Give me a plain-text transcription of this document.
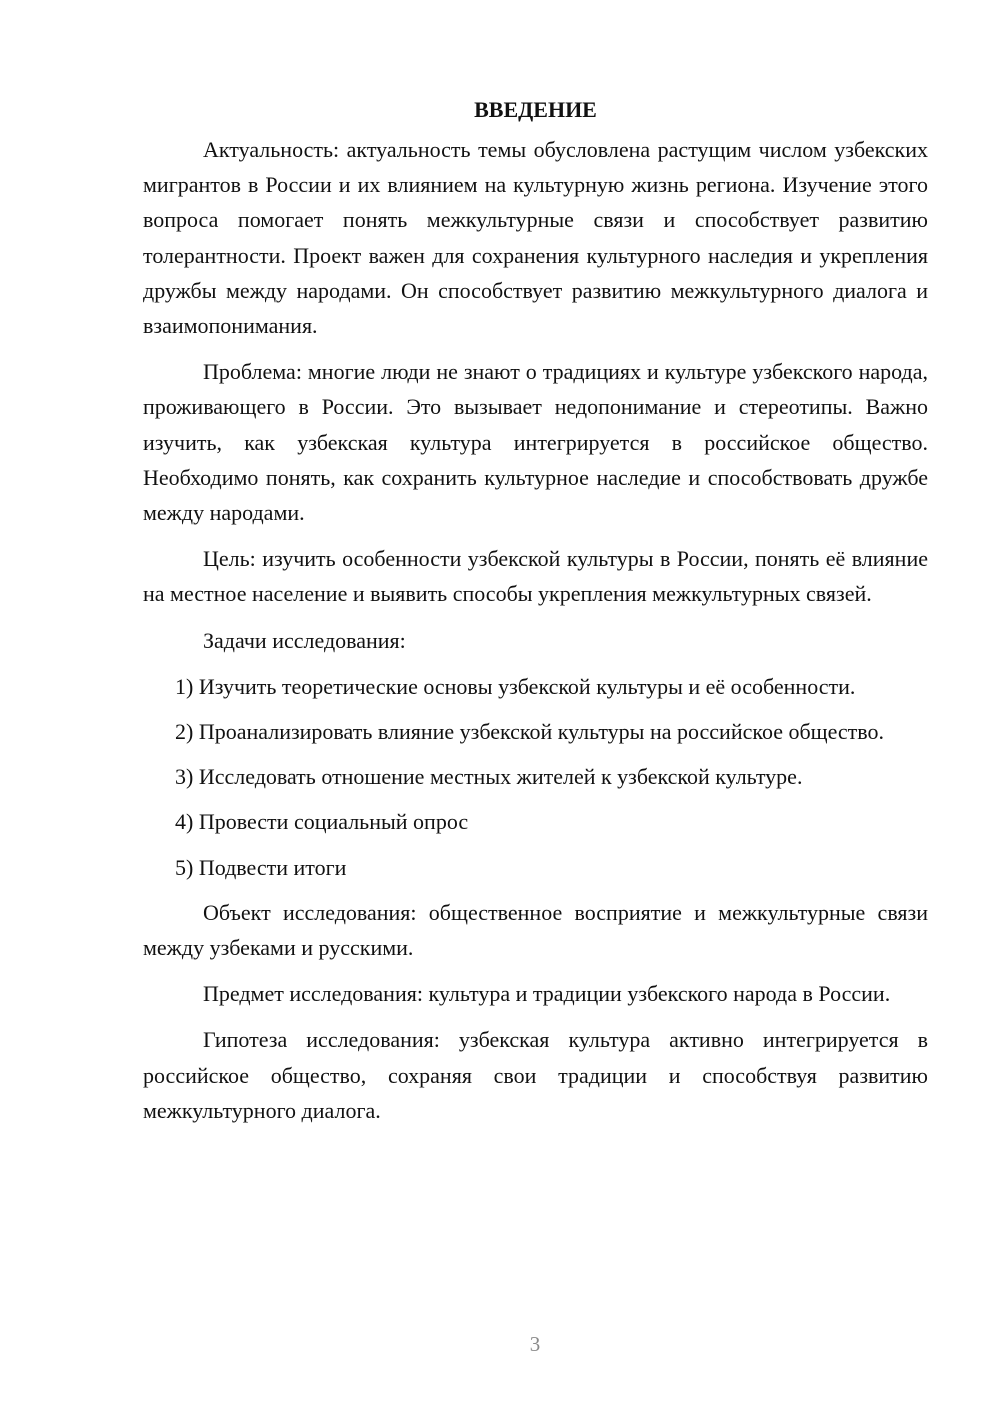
ВВЕДЕНИЕ

Актуальность: актуальность темы обусловлена растущим числом узбекских мигрантов в России и их влиянием на культурную жизнь региона. Изучение этого вопроса помогает понять межкультурные связи и способствует развитию толерантности. Проект важен для сохранения культурного наследия и укрепления дружбы между народами. Он способствует развитию межкультурного диалога и взаимопонимания.

Проблема: многие люди не знают о традициях и культуре узбекского народа, проживающего в России. Это вызывает недопонимание и стереотипы. Важно изучить, как узбекская культура интегрируется в российское общество. Необходимо понять, как сохранить культурное наследие и способствовать дружбе между народами.

Цель: изучить особенности узбекской культуры в России, понять её влияние на местное население и выявить способы укрепления межкультурных связей.

Задачи исследования:

1) Изучить теоретические основы узбекской культуры и её особенности.

2) Проанализировать влияние узбекской культуры на российское общество.

3) Исследовать отношение местных жителей к узбекской культуре.

4) Провести социальный опрос

5) Подвести итоги

Объект исследования: общественное восприятие и межкультурные связи между узбеками и русскими.

Предмет исследования: культура и традиции узбекского народа в России.

Гипотеза исследования: узбекская культура активно интегрируется в российское общество, сохраняя свои традиции и способствуя развитию межкультурного диалога.

3
